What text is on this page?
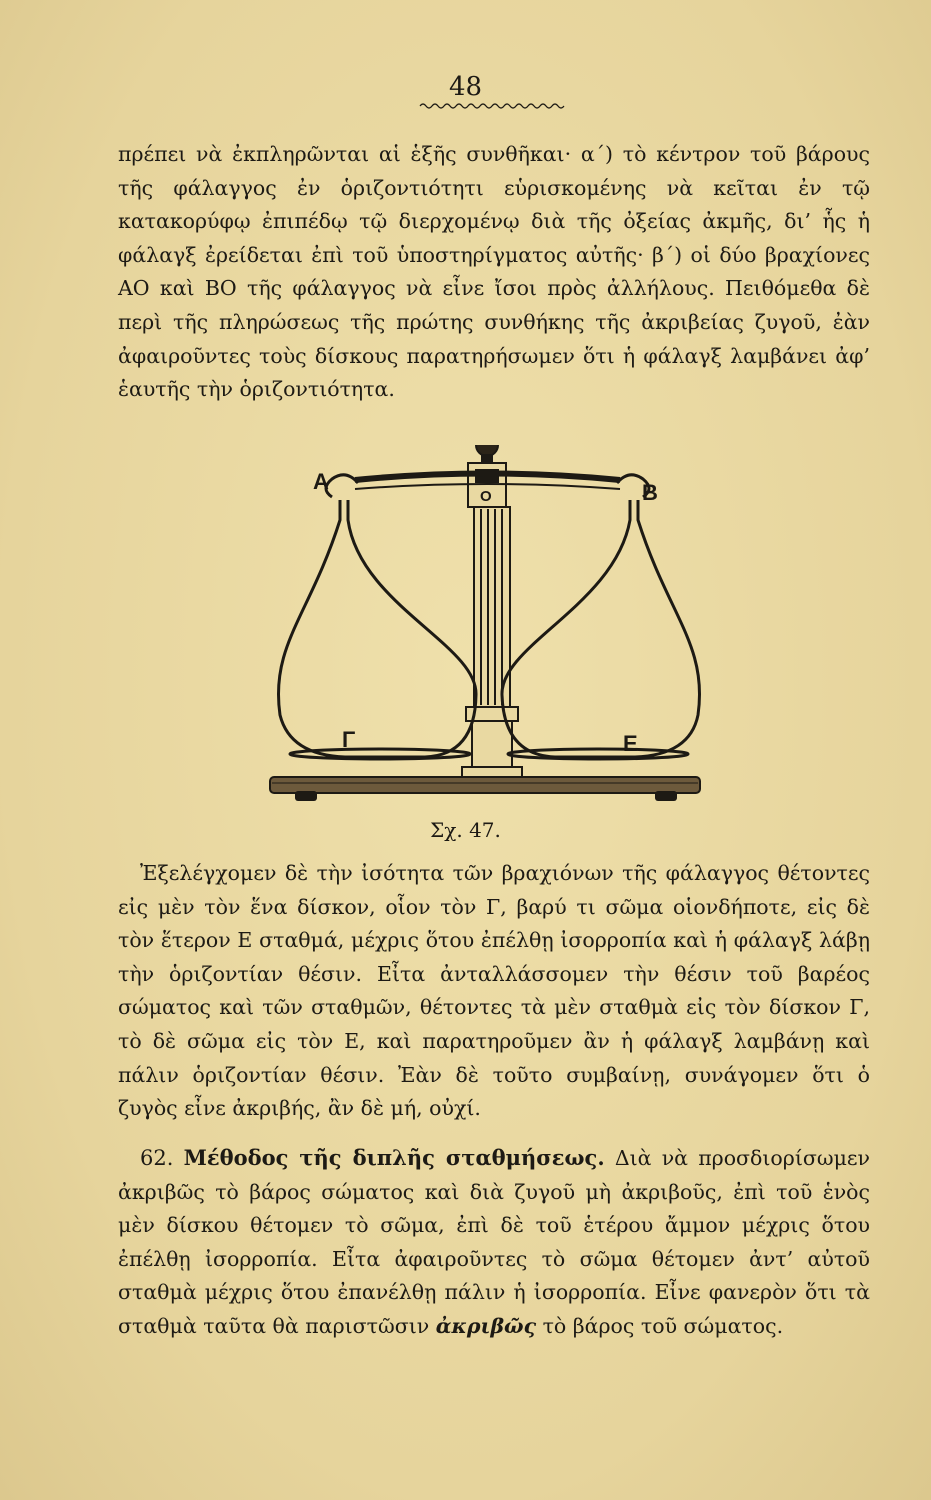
48
πρέπει νὰ ἐκπληρῶνται αἱ ἑξῆς συνθῆκαι· α΄) τὸ κέντρον τοῦ βάρους τῆς φάλαγγος ἐν ὁριζοντιότητι εὑρισκομένης νὰ κεῖται ἐν τῷ κατακορύφῳ ἐπιπέδῳ τῷ διερχομένῳ διὰ τῆς ὀξείας ἀκμῆς, δι’ ἧς ἡ φάλαγξ ἐρείδεται ἐπὶ τοῦ ὑποστηρίγματος αὐτῆς· β΄) οἱ δύο βραχίονες ΑΟ καὶ ΒΟ τῆς φάλαγγος νὰ εἶνε ἴσοι πρὸς ἀλλήλους. Πειθόμεθα δὲ περὶ τῆς πληρώσεως τῆς πρώτης συνθήκης τῆς ἀκριβείας ζυγοῦ, ἐὰν ἀφαιροῦντες τοὺς δίσκους παρατηρήσωμεν ὅτι ἡ φάλαγξ λαμβάνει ἀφ’ ἑαυτῆς τὴν ὁριζοντιότητα.
A	B
O
Γ	E
Σχ. 47.
Ἐξελέγχομεν δὲ τὴν ἰσότητα τῶν βραχιόνων τῆς φάλαγγος θέτοντες εἰς μὲν τὸν ἕνα δίσκον, οἷον τὸν Γ, βαρύ τι σῶμα οἱονδήποτε, εἰς δὲ τὸν ἕτερον Ε σταθμά, μέχρις ὅτου ἐπέλθῃ ἰσορροπία καὶ ἡ φάλαγξ λάβῃ τὴν ὁριζοντίαν θέσιν. Εἶτα ἀνταλλάσσομεν τὴν θέσιν τοῦ βαρέος σώματος καὶ τῶν σταθμῶν, θέτοντες τὰ μὲν σταθμὰ εἰς τὸν δίσκον Γ, τὸ δὲ σῶμα εἰς τὸν Ε, καὶ παρατηροῦμεν ἂν ἡ φάλαγξ λαμβάνῃ καὶ πάλιν ὁριζοντίαν θέσιν. Ἐὰν δὲ τοῦτο συμβαίνῃ, συνάγομεν ὅτι ὁ ζυγὸς εἶνε ἀκριβής, ἂν δὲ μή, οὐχί.
62. Μέθοδος τῆς διπλῆς σταθμήσεως. Διὰ νὰ προσδιορίσωμεν ἀκριβῶς τὸ βάρος σώματος καὶ διὰ ζυγοῦ μὴ ἀκριβοῦς, ἐπὶ τοῦ ἑνὸς μὲν δίσκου θέτομεν τὸ σῶμα, ἐπὶ δὲ τοῦ ἑτέρου ἄμμον μέχρις ὅτου ἐπέλθῃ ἰσορροπία. Εἶτα ἀφαιροῦντες τὸ σῶμα θέτομεν ἀντ’ αὐτοῦ σταθμὰ μέχρις ὅτου ἐπανέλθῃ πάλιν ἡ ἰσορροπία. Εἶνε φανερὸν ὅτι τὰ σταθμὰ ταῦτα θὰ παριστῶσιν ἀκριβῶς τὸ βάρος τοῦ σώματος.
